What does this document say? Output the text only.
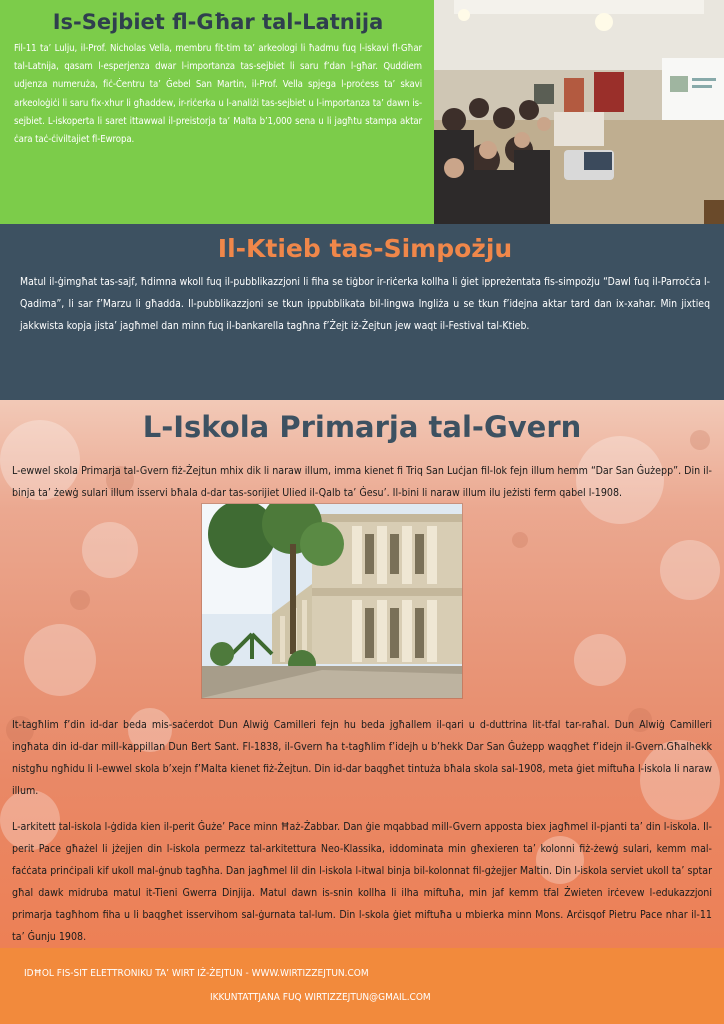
Is-Sejbiet fl-Għar tal-Latnija

Fil-11 ta’ Lulju, il-Prof. Nicholas Vella, membru fit-tim ta’ arkeologi li ħadmu fuq l-iskavi fl-Għar tal-Latnija, qasam l-esperjenza dwar l-importanza tas-sejbiet li saru f’dan l-għar. Quddiem udjenza numeruża, fiċ-Ċentru ta’ Ġebel San Martin, il-Prof. Vella spjega l-proċess ta’ skavi arkeoloġiċi li saru fix-xhur li għaddew, ir-riċerka u l-analiżi tas-sejbiet u l-importanza ta’ dawn is-sejbiet. L-iskoperta li saret ittawwal il-preistorja ta’ Malta b’1,000 sena u li jagħtu stampa aktar ċara taċ-ċiviltajiet fl-Ewropa.

Il-Ktieb tas-Simpożju

Matul il-ġimgħat tas-sajf, ħdimna wkoll fuq il-pubblikazzjoni li fiha se tiġbor ir-riċerka kollha li ġiet ippreżentata fis-simpożju “Dawl fuq il-Parroċċa l-Qadima”, li sar f’Marzu li għadda. Il-pubblikazzjoni se tkun ippubblikata bil-lingwa Ingliża u se tkun f’idejna aktar tard dan ix-xahar. Min jixtieq jakkwista kopja jista’ jagħmel dan minn fuq il-bankarella tagħna f’Żejt iż-Żejtun jew waqt il-Festival tal-Ktieb.

L-Iskola Primarja tal-Gvern

L-ewwel skola Primarja tal-Gvern fiż-Żejtun mhix dik li naraw illum, imma kienet fi Triq San Luċjan fil-lok fejn illum hemm “Dar San Ġużepp”. Din il-binja ta’ żewġ sulari illum isservi bħala d-dar tas-sorijiet Ulied il-Qalb ta’ Ġesu’. Il-bini li naraw illum ilu jeżisti ferm qabel l-1908.

It-tagħlim f’din id-dar beda mis-saċerdot Dun Alwiġ Camilleri fejn hu beda jgħallem il-qari u d-duttrina lit-tfal tar-raħal. Dun Alwiġ Camilleri ingħata din id-dar mill-kappillan Dun Bert Sant. Fl-1838, il-Gvern ħa t-tagħlim f’idejh u b’hekk Dar San Ġużepp waqgħet f’idejn il-Gvern.Għalhekk nistgħu ngħidu li l-ewwel skola b’xejn f’Malta kienet fiż-Żejtun. Din id-dar baqgħet tintuża bħala skola sal-1908, meta ġiet miftuħa l-iskola li naraw illum.

L-arkitett tal-iskola l-ġdida kien il-perit Ġuże’ Pace minn Ħaż-Żabbar. Dan ġie mqabbad mill-Gvern apposta biex jagħmel il-pjanti ta’ din l-iskola. Il-perit Pace għażel li jżejjen din l-iskola permezz tal-arkitettura Neo-Klassika, iddominata min għexieren ta’ kolonni fiż-żewġ sulari, kemm mal-faċċata prinċipali kif ukoll mal-ġnub tagħha. Dan jagħmel lil din l-iskola l-itwal binja bil-kolonnat fil-gżejjer Maltin. Din l-iskola serviet ukoll ta’ sptar għal dawk midruba matul it-Tieni Gwerra Dinjija. Matul dawn is-snin kollha li ilha miftuħa, min jaf kemm tfal Żwieten irċevew l-edukazzjoni primarja tagħhom fiha u li baqgħet isservihom sal-ġurnata tal-lum. Din l-skola ġiet miftuħa u mbierka minn Mons. Arċisqof Pietru Pace nhar il-11 ta’ Ġunju 1908.

IDĦOL FIS-SIT ELETTRONIKU TA’ WIRT IŻ-ŻEJTUN - WWW.WIRTIZZEJTUN.COM

IKKUNTATTJANA FUQ WIRTIZZEJTUN@GMAIL.COM
